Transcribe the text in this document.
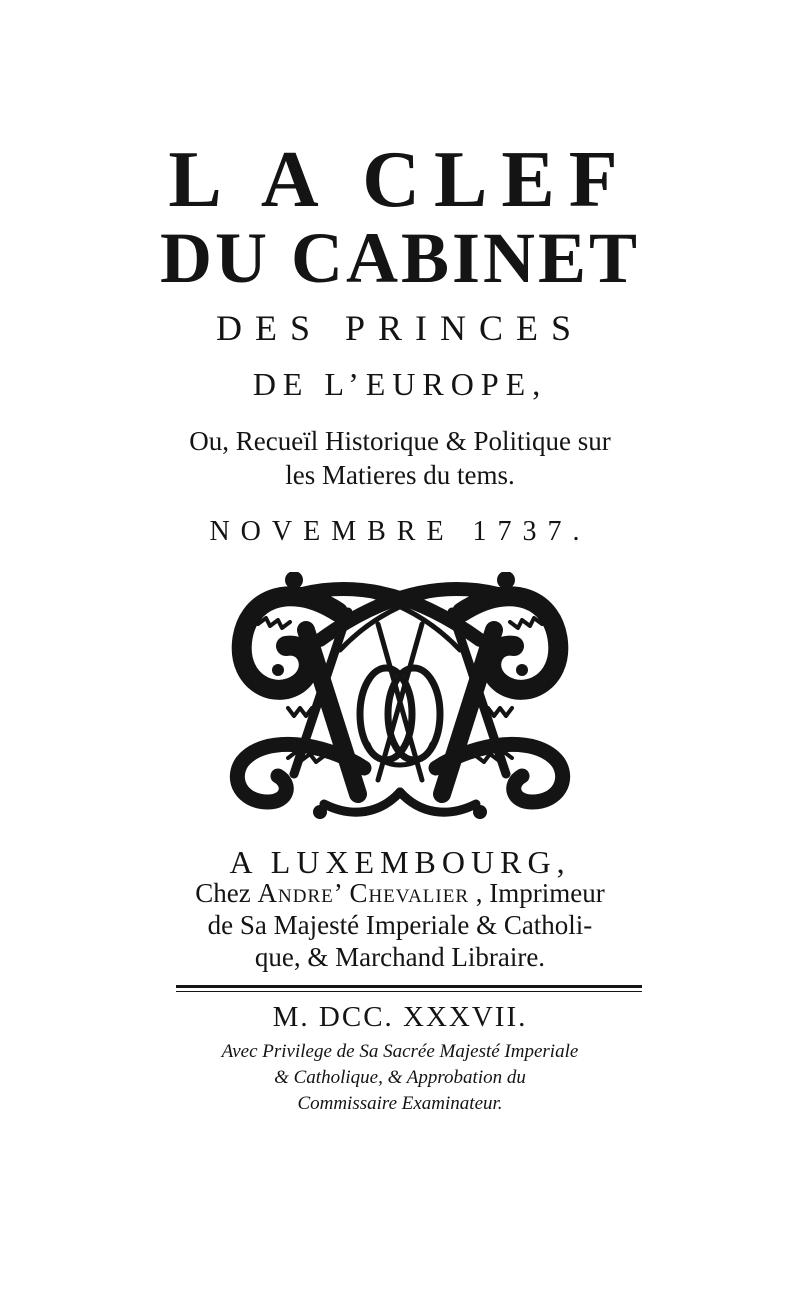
L A CLEF
DU CABINET
DES PRINCES
DE L’EUROPE,
Ou, Recueïl Historique & Politique sur
les Matieres du tems.
NOVEMBRE 1737.
A LUXEMBOURG,
Chez Andre’ Chevalier , Imprimeur
de Sa Majesté Imperiale & Catholi-
que, & Marchand Libraire.
M. DCC. XXXVII.
Avec Privilege de Sa Sacrée Majesté Imperiale
& Catholique, & Approbation du
Commissaire Examinateur.
